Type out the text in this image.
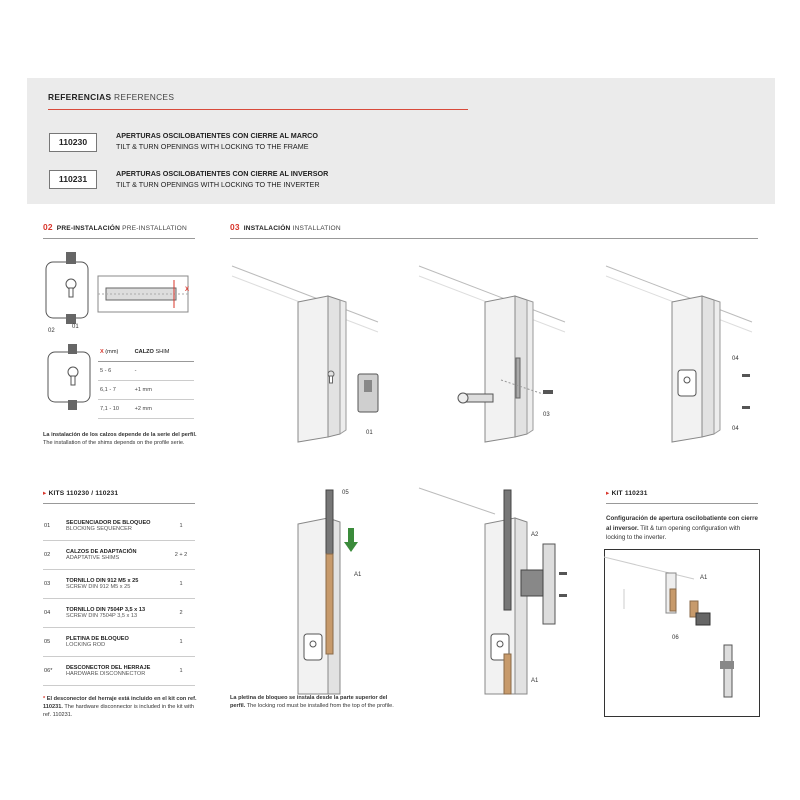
REFERENCIAS REFERENCES
110230
APERTURAS OSCILOBATIENTES CON CIERRE AL MARCO
TILT & TURN OPENINGS WITH LOCKING TO THE FRAME
110231
APERTURAS OSCILOBATIENTES CON CIERRE AL INVERSOR
TILT & TURN OPENINGS WITH LOCKING TO THE INVERTER
02 PRE-INSTALACIÓN PRE-INSTALLATION	03 INSTALACIÓN INSTALLATION
02
01
X
X (mm)	CALZO SHIM
5 - 6	-
6,1 - 7	+1 mm
7,1 - 10	+2 mm
La instalación de los calzos depende de la serie del perfil. The installation of the shims depends on the profile serie.
▸ KITS 110230 / 110231
01	SECUENCIADOR DE BLOQUEO
BLOCKING SEQUENCER	1
02	CALZOS DE ADAPTACIÓN
ADAPTATIVE SHIMS	2 + 2
03	TORNILLO DIN 912 M5 x 25
SCREW DIN 912 M5 x 25	1
04	TORNILLO DIN 7504P 3,5 x 13
SCREW DIN 7504P 3,5 x 13	2
05	PLETINA DE BLOQUEO
LOCKING ROD	1
06*	DESCONECTOR DEL HERRAJE
HARDWARE DISCONNECTOR	1
* El desconector del herraje está incluido en el kit con ref. 110231. The hardware disconnector is included in the kit with ref. 110231.
01
03
04
04
05
A1
La pletina de bloqueo se instala desde la parte superior del perfil. The locking rod must be installed from the top of the profile.
A2
A1
▸ KIT 110231
Configuración de apertura oscilobatiente con cierre al inversor. Tilt & turn opening configuration with locking to the inverter.
A1
06
